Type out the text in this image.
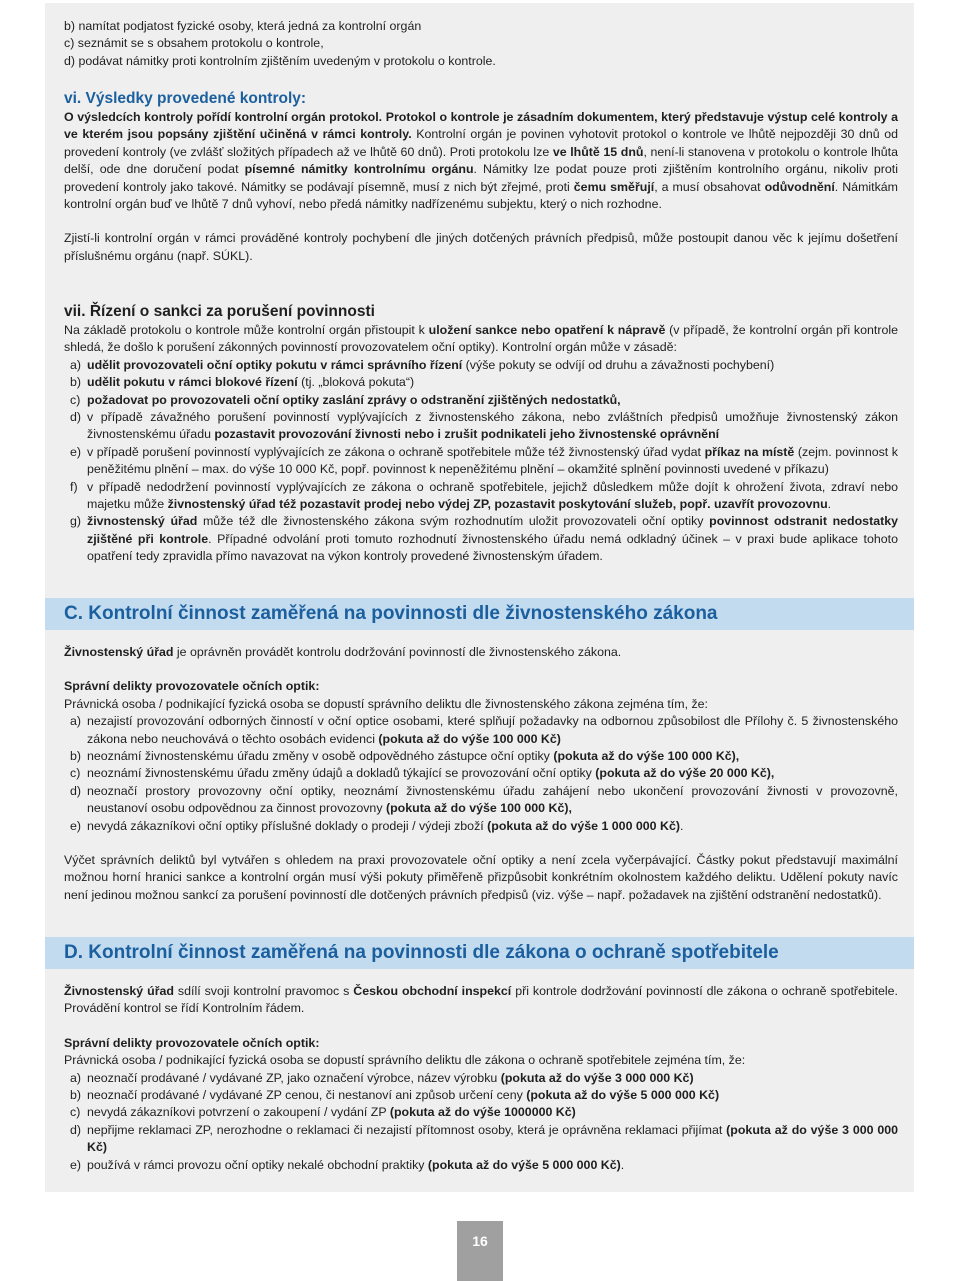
b) namítat podjatost fyzické osoby, která jedná za kontrolní orgán

c) seznámit se s obsahem protokolu o kontrole,

d) podávat námitky proti kontrolním zjištěním uvedeným v protokolu o kontrole.

vi. Výsledky provedené kontroly:

O výsledcích kontroly pořídí kontrolní orgán protokol. Protokol o kontrole je zásadním dokumentem, který představuje výstup celé kontroly a ve kterém jsou popsány zjištění učiněná v rámci kontroly. Kontrolní orgán je povinen vyhotovit protokol o kontrole ve lhůtě nejpozději 30 dnů od provedení kontroly (ve zvlášť složitých případech až ve lhůtě 60 dnů). Proti protokolu lze ve lhůtě 15 dnů, není-li stanovena v protokolu o kontrole lhůta delší, ode dne doručení podat písemné námitky kontrolnímu orgánu. Námitky lze podat pouze proti zjištěním kontrolního orgánu, nikoliv proti provedení kontroly jako takové. Námitky se podávají písemně, musí z nich být zřejmé, proti čemu směřují, a musí obsahovat odůvodnění. Námitkám kontrolní orgán buď ve lhůtě 7 dnů vyhoví, nebo předá námitky nadřízenému subjektu, který o nich rozhodne.

Zjistí-li kontrolní orgán v rámci prováděné kontroly pochybení dle jiných dotčených právních předpisů, může postoupit danou věc k jejímu došetření příslušnému orgánu (např. SÚKL).

vii. Řízení o sankci za porušení povinnosti

Na základě protokolu o kontrole může kontrolní orgán přistoupit k uložení sankce nebo opatření k nápravě (v případě, že kontrolní orgán při kontrole shledá, že došlo k porušení zákonných povinností provozovatelem oční optiky). Kontrolní orgán může v zásadě:

a) udělit provozovateli oční optiky pokutu v rámci správního řízení (výše pokuty se odvíjí od druhu a závažnosti pochybení)
b) udělit pokutu v rámci blokové řízení (tj. „bloková pokuta“)
c) požadovat po provozovateli oční optiky zaslání zprávy o odstranění zjištěných nedostatků,
d) v případě závažného porušení povinností vyplývajících z živnostenského zákona, nebo zvláštních předpisů umožňuje živnostenský zákon živnostenskému úřadu pozastavit provozování živnosti nebo i zrušit podnikateli jeho živnostenské oprávnění
e) v případě porušení povinností vyplývajících ze zákona o ochraně spotřebitele může též živnostenský úřad vydat příkaz na místě (zejm. povinnost k peněžitému plnění – max. do výše 10 000 Kč, popř. povinnost k nepeněžitému plnění – okamžité splnění povinnosti uvedené v příkazu)
f) v případě nedodržení povinností vyplývajících ze zákona o ochraně spotřebitele, jejichž důsledkem může dojít k ohrožení života, zdraví nebo majetku může živnostenský úřad též pozastavit prodej nebo výdej ZP, pozastavit poskytování služeb, popř. uzavřít provozovnu.
g) živnostenský úřad může též dle živnostenského zákona svým rozhodnutím uložit provozovateli oční optiky povinnost odstranit nedostatky zjištěné při kontrole. Případné odvolání proti tomuto rozhodnutí živnostenského úřadu nemá odkladný účinek – v praxi bude aplikace tohoto opatření tedy zpravidla přímo navazovat na výkon kontroly provedené živnostenským úřadem.

C. Kontrolní činnost zaměřená na povinnosti dle živnostenského zákona

Živnostenský úřad je oprávněn provádět kontrolu dodržování povinností dle živnostenského zákona.

Správní delikty provozovatele očních optik:

Právnická osoba / podnikající fyzická osoba se dopustí správního deliktu dle živnostenského zákona zejména tím, že:

a) nezajistí provozování odborných činností v oční optice osobami, které splňují požadavky na odbornou způsobilost dle Přílohy č. 5 živnostenského zákona nebo neuchovává o těchto osobách evidenci (pokuta až do výše 100 000 Kč)
b) neoznámí živnostenskému úřadu změny v osobě odpovědného zástupce oční optiky (pokuta až do výše 100 000 Kč),
c) neoznámí živnostenskému úřadu změny údajů a dokladů týkající se provozování oční optiky (pokuta až do výše 20 000 Kč),
d) neoznačí prostory provozovny oční optiky, neoznámí živnostenskému úřadu zahájení nebo ukončení provozování živnosti v provozovně, neustanoví osobu odpovědnou za činnost provozovny (pokuta až do výše 100 000 Kč),
e) nevydá zákazníkovi oční optiky příslušné doklady o prodeji / výdeji zboží (pokuta až do výše 1 000 000 Kč).

Výčet správních deliktů byl vytvářen s ohledem na praxi provozovatele oční optiky a není zcela vyčerpávající. Částky pokut představují maximální možnou horní hranici sankce a kontrolní orgán musí výši pokuty přiměřeně přizpůsobit konkrétním okolnostem každého deliktu. Udělení pokuty navíc není jedinou možnou sankcí za porušení povinností dle dotčených právních předpisů (viz. výše – např. požadavek na zjištění odstranění nedostatků).

D. Kontrolní činnost zaměřená na povinnosti dle zákona o ochraně spotřebitele

Živnostenský úřad sdílí svoji kontrolní pravomoc s Českou obchodní inspekcí při kontrole dodržování povinností dle zákona o ochraně spotřebitele. Provádění kontrol se řídí Kontrolním řádem.

Správní delikty provozovatele očních optik:

Právnická osoba / podnikající fyzická osoba se dopustí správního deliktu dle zákona o ochraně spotřebitele zejména tím, že:

a) neoznačí prodávané / vydávané ZP, jako označení výrobce, název výrobku (pokuta až do výše 3 000 000 Kč)
b) neoznačí prodávané / vydávané ZP cenou, či nestanoví ani způsob určení ceny (pokuta až do výše 5 000 000 Kč)
c) nevydá zákazníkovi potvrzení o zakoupení / vydání ZP (pokuta až do výše 1000000 Kč)
d) nepřijme reklamaci ZP, nerozhodne o reklamaci či nezajistí přítomnost osoby, která je oprávněna reklamaci přijímat (pokuta až do výše 3 000 000 Kč)
e) používá v rámci provozu oční optiky nekalé obchodní praktiky (pokuta až do výše 5 000 000 Kč).
16
